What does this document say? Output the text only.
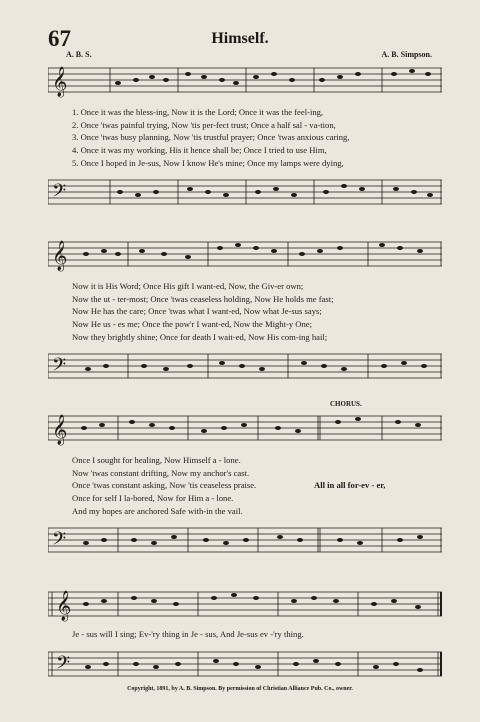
67	Himself.
A. B. S.	A. B. Simpson.
𝄞
1. Once it was the bless-ing, Now it is the Lord; Once it was the feel-ing,
2. Once 'twas painful trying, Now 'tis per-fect trust; Once a half sal - va-tion,
3. Once 'twas busy planning, Now 'tis trustful prayer; Once 'twas anxious caring,
4. Once it was my working, His it hence shall be; Once I tried to use Him,
5. Once I hoped in Je-sus, Now I know He's mine; Once my lamps were dying,
𝄢
𝄞
Now it is His Word; Once His gift I want-ed, Now, the Giv-er own;
Now the ut - ter-most; Once 'twas ceaseless holding, Now He holds me fast;
Now He has the care; Once 'twas what I want-ed, Now what Je-sus says;
Now He us - es me; Once the pow'r I want-ed, Now the Might-y One;
Now they brightly shine; Once for death I wait-ed, Now His com-ing hail;
𝄢
CHORUS.
𝄞
Once I sought for healing, Now Himself a - lone.
Now 'twas constant drifting, Now my anchor's cast.
Once 'twas constant asking, Now 'tis ceaseless praise.
Once for self I la-bored, Now for Him a - lone.
And my hopes are anchored Safe with-in the vail.
All in all for-ev - er,
𝄢
𝄞
Je - sus will I sing; Ev-'ry thing in Je - sus, And Je-sus ev -'ry thing.
𝄢
Copyright, 1891, by A. B. Simpson. By permission of Christian Alliance Pub. Co., owner.
